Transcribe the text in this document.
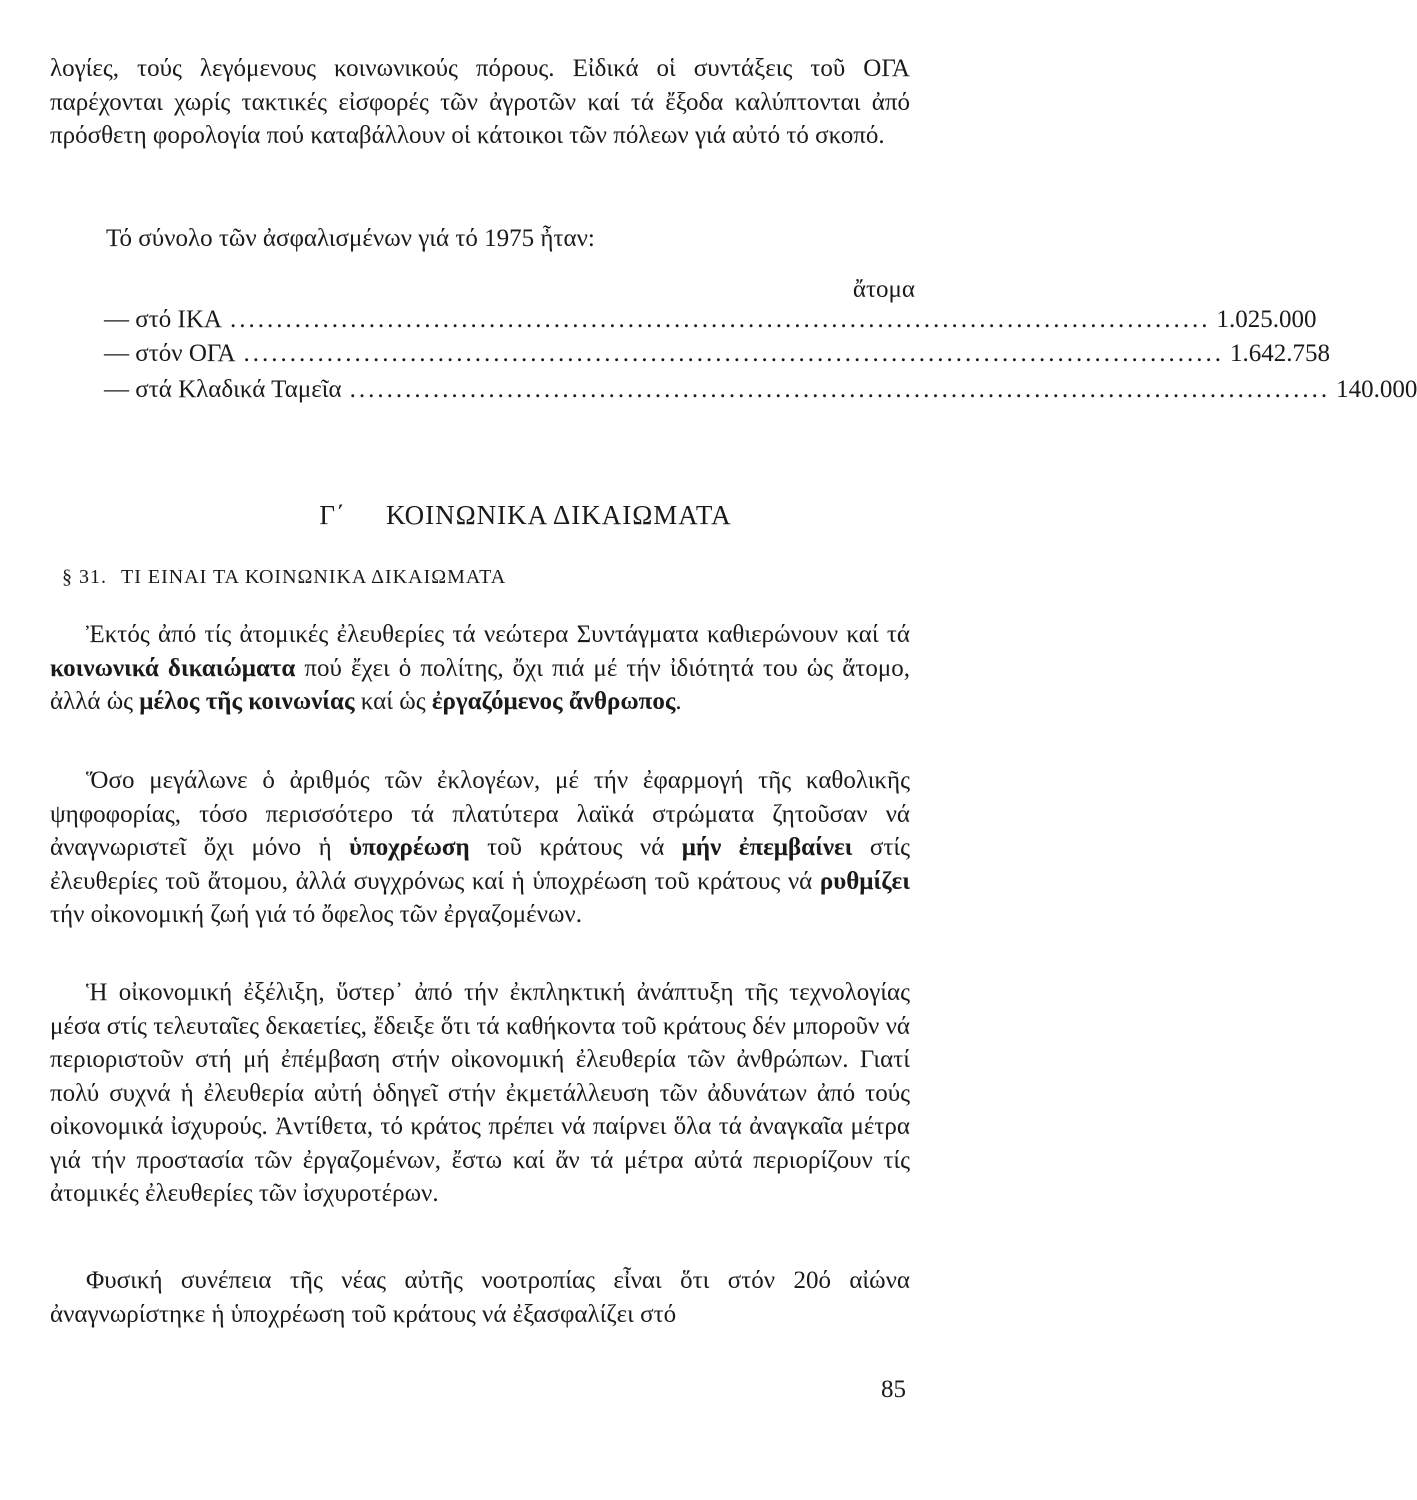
λογίες, τούς λεγόμενους κοινωνικούς πόρους. Εἰδικά οἱ συντάξεις τοῦ ΟΓΑ παρέχονται χωρίς τακτικές εἰσφορές τῶν ἀγροτῶν καί τά ἔξοδα καλύπτονται ἀπό πρόσθετη φορολογία πού καταβάλλουν οἱ κάτοικοι τῶν πόλεων γιά αὐτό τό σκοπό.

Τό σύνολο τῶν ἀσφαλισμένων γιά τό 1975 ἦταν:
ἄτομα
— στό ΙΚΑ .......................................................................................................... 1.025.000
— στόν ΟΓΑ .......................................................................................................... 1.642.758
— στά Κλαδικά Ταμεῖα .......................................................................................................... 140.000
Γ΄ ΚΟΙΝΩΝΙΚΑ ΔΙΚΑΙΩΜΑΤΑ
§ 31. ΤΙ ΕΙΝΑΙ ΤΑ ΚΟΙΝΩΝΙΚΑ ΔΙΚΑΙΩΜΑΤΑ

Ἐκτός ἀπό τίς ἀτομικές ἐλευθερίες τά νεώτερα Συντάγματα καθιερώνουν καί τά κοινωνικά δικαιώματα πού ἔχει ὁ πολίτης, ὄχι πιά μέ τήν ἰδιότητά του ὡς ἄτομο, ἀλλά ὡς μέλος τῆς κοινωνίας καί ὡς ἐργαζόμενος ἄνθρωπος.

Ὅσο μεγάλωνε ὁ ἀριθμός τῶν ἐκλογέων, μέ τήν ἐφαρμογή τῆς καθολικῆς ψηφοφορίας, τόσο περισσότερο τά πλατύτερα λαϊκά στρώματα ζητοῦσαν νά ἀναγνωριστεῖ ὄχι μόνο ἡ ὑποχρέωση τοῦ κράτους νά μήν ἐπεμβαίνει στίς ἐλευθερίες τοῦ ἄτομου, ἀλλά συγχρόνως καί ἡ ὑποχρέωση τοῦ κράτους νά ρυθμίζει τήν οἰκονομική ζωή γιά τό ὄφελος τῶν ἐργαζομένων.

Ἡ οἰκονομική ἐξέλιξη, ὕστερ᾽ ἀπό τήν ἐκπληκτική ἀνάπτυξη τῆς τεχνολογίας μέσα στίς τελευταῖες δεκαετίες, ἔδειξε ὅτι τά καθήκοντα τοῦ κράτους δέν μποροῦν νά περιοριστοῦν στή μή ἐπέμβαση στήν οἰκονομική ἐλευθερία τῶν ἀνθρώπων. Γιατί πολύ συχνά ἡ ἐλευθερία αὐτή ὁδηγεῖ στήν ἐκμετάλλευση τῶν ἀδυνάτων ἀπό τούς οἰκονομικά ἰσχυρούς. Ἀντίθετα, τό κράτος πρέπει νά παίρνει ὅλα τά ἀναγκαῖα μέτρα γιά τήν προστασία τῶν ἐργαζομένων, ἔστω καί ἄν τά μέτρα αὐτά περιορίζουν τίς ἀτομικές ἐλευθερίες τῶν ἰσχυροτέρων.

Φυσική συνέπεια τῆς νέας αὐτῆς νοοτροπίας εἶναι ὅτι στόν 20ό αἰώνα ἀναγνωρίστηκε ἡ ὑποχρέωση τοῦ κράτους νά ἐξασφαλίζει στό

85
